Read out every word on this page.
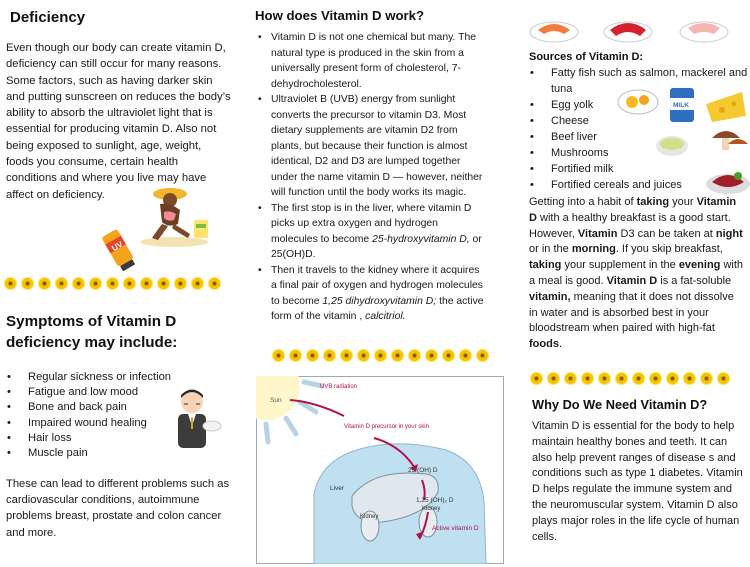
Deficiency

Even though our body can create vitamin D, deficiency can still occur for many reasons. Some factors, such as having darker skin and putting sunscreen on reduces the body’s ability to absorb the ultraviolet light that is essential for producing vitamin D. Also not being exposed to sunlight, age, weight, foods you consume, certain health conditions and where you live may have affect on deficiency.

UV
Symptoms of Vitamin D deficiency may include:
• Regular sickness or infection
• Fatigue and low mood
• Bone and back pain
• Impaired wound healing
• Hair loss
• Muscle pain

These can lead to different problems such as cardiovascular conditions, autoimmune problems breast, prostate and colon cancer and more.

How does Vitamin D work?
• Vitamin D is not one chemical but many. The natural type is produced in the skin from a universally present form of cholesterol, 7-dehydrocholesterol.
• Ultraviolet B (UVB) energy from sunlight converts the precursor to vitamin D3. Most dietary supplements are vitamin D2 from plants, but because their function is almost identical, D2 and D3 are lumped together under the name vitamin D — however, neither will function until the body works its magic.
• The first stop is in the liver, where vitamin D picks up extra oxygen and hydrogen molecules to become 25-hydroxyvitamin D, or 25(OH)D.
• Then it travels to the kidney where it acquires a final pair of oxygen and hydrogen molecules to become 1,25 dihydroxyvitamin D; the active form of the vitamin , calcitriol.
Sun
UVB radiation
Vitamin D precursor in your skin
25 (OH) D
Liver
1,25 (OH)₂ D
Kidney
Kidney
Active vitamin D
Sources of Vitamin D:
• Fatty fish such as salmon, mackerel and tuna
• Egg yolk
• Cheese
• Beef liver
• Mushrooms
• Fortified milk
• Fortified cereals and juices
MILK

Getting into a habit of taking your Vitamin D with a healthy breakfast is a good start. However, Vitamin D3 can be taken at night or in the morning. If you skip breakfast, taking your supplement in the evening with a meal is good. Vitamin D is a fat-soluble vitamin, meaning that it does not dissolve in water and is absorbed best in your bloodstream when paired with high-fat foods.

Why Do We Need Vitamin D?

Vitamin D is essential for the body to help maintain healthy bones and teeth. It can also help prevent ranges of disease s and conditions such as type 1 diabetes. Vitamin D helps regulate the immune system and the neuromuscular system. Vitamin D also plays major roles in the life cycle of human cells.
